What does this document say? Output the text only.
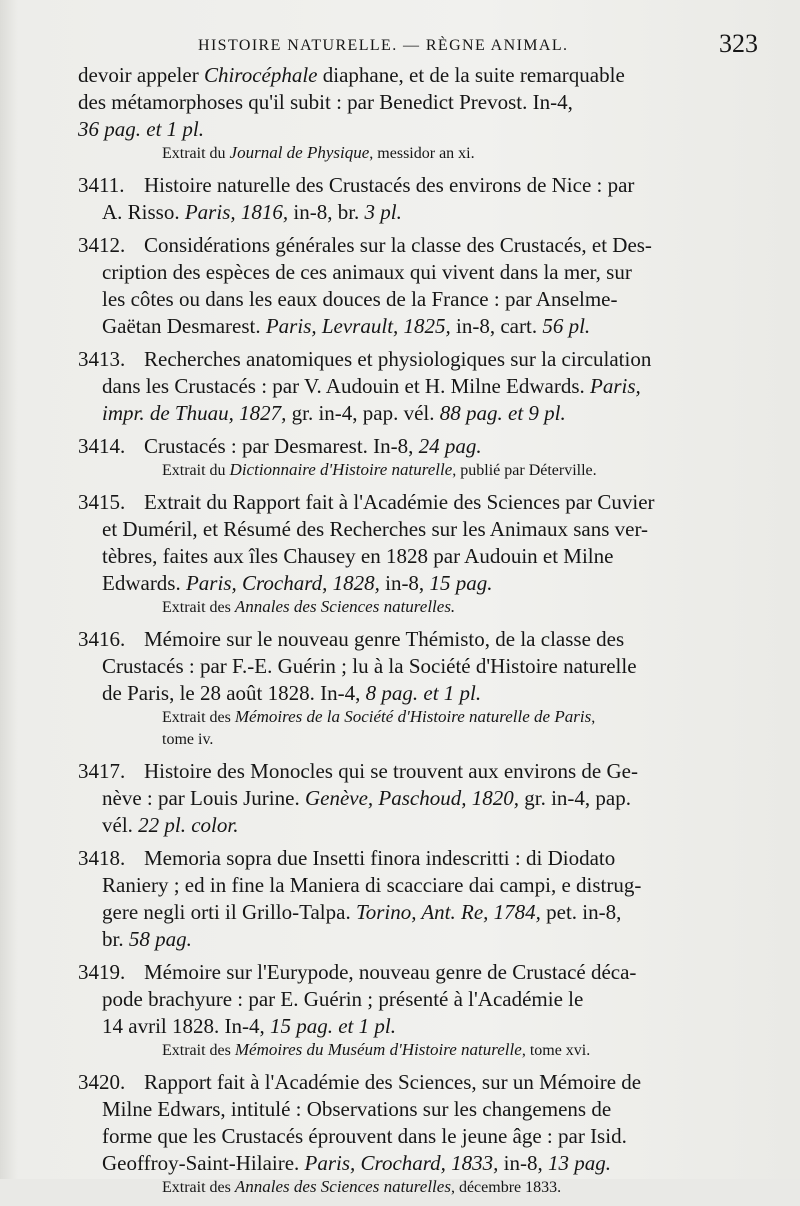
HISTOIRE NATURELLE. — RÈGNE ANIMAL.	323
devoir appeler Chirocéphale diaphane, et de la suite remarquable
des métamorphoses qu'il subit : par Benedict Prevost. In-4,
36 pag. et 1 pl.
Extrait du Journal de Physique, messidor an xi.
3411. Histoire naturelle des Crustacés des environs de Nice : par
A. Risso. Paris, 1816, in-8, br. 3 pl.
3412. Considérations générales sur la classe des Crustacés, et Des-
cription des espèces de ces animaux qui vivent dans la mer, sur
les côtes ou dans les eaux douces de la France : par Anselme-
Gaëtan Desmarest. Paris, Levrault, 1825, in-8, cart. 56 pl.
3413. Recherches anatomiques et physiologiques sur la circulation
dans les Crustacés : par V. Audouin et H. Milne Edwards. Paris,
impr. de Thuau, 1827, gr. in-4, pap. vél. 88 pag. et 9 pl.
3414. Crustacés : par Desmarest. In-8, 24 pag.
Extrait du Dictionnaire d'Histoire naturelle, publié par Déterville.
3415. Extrait du Rapport fait à l'Académie des Sciences par Cuvier
et Duméril, et Résumé des Recherches sur les Animaux sans ver-
tèbres, faites aux îles Chausey en 1828 par Audouin et Milne
Edwards. Paris, Crochard, 1828, in-8, 15 pag.
Extrait des Annales des Sciences naturelles.
3416. Mémoire sur le nouveau genre Thémisto, de la classe des
Crustacés : par F.-E. Guérin ; lu à la Société d'Histoire naturelle
de Paris, le 28 août 1828. In-4, 8 pag. et 1 pl.
Extrait des Mémoires de la Société d'Histoire naturelle de Paris,
tome iv.
3417. Histoire des Monocles qui se trouvent aux environs de Ge-
nève : par Louis Jurine. Genève, Paschoud, 1820, gr. in-4, pap.
vél. 22 pl. color.
3418. Memoria sopra due Insetti finora indescritti : di Diodato
Raniery ; ed in fine la Maniera di scacciare dai campi, e distrug-
gere negli orti il Grillo-Talpa. Torino, Ant. Re, 1784, pet. in-8,
br. 58 pag.
3419. Mémoire sur l'Eurypode, nouveau genre de Crustacé déca-
pode brachyure : par E. Guérin ; présenté à l'Académie le
14 avril 1828. In-4, 15 pag. et 1 pl.
Extrait des Mémoires du Muséum d'Histoire naturelle, tome xvi.
3420. Rapport fait à l'Académie des Sciences, sur un Mémoire de
Milne Edwars, intitulé : Observations sur les changemens de
forme que les Crustacés éprouvent dans le jeune âge : par Isid.
Geoffroy-Saint-Hilaire. Paris, Crochard, 1833, in-8, 13 pag.
Extrait des Annales des Sciences naturelles, décembre 1833.
